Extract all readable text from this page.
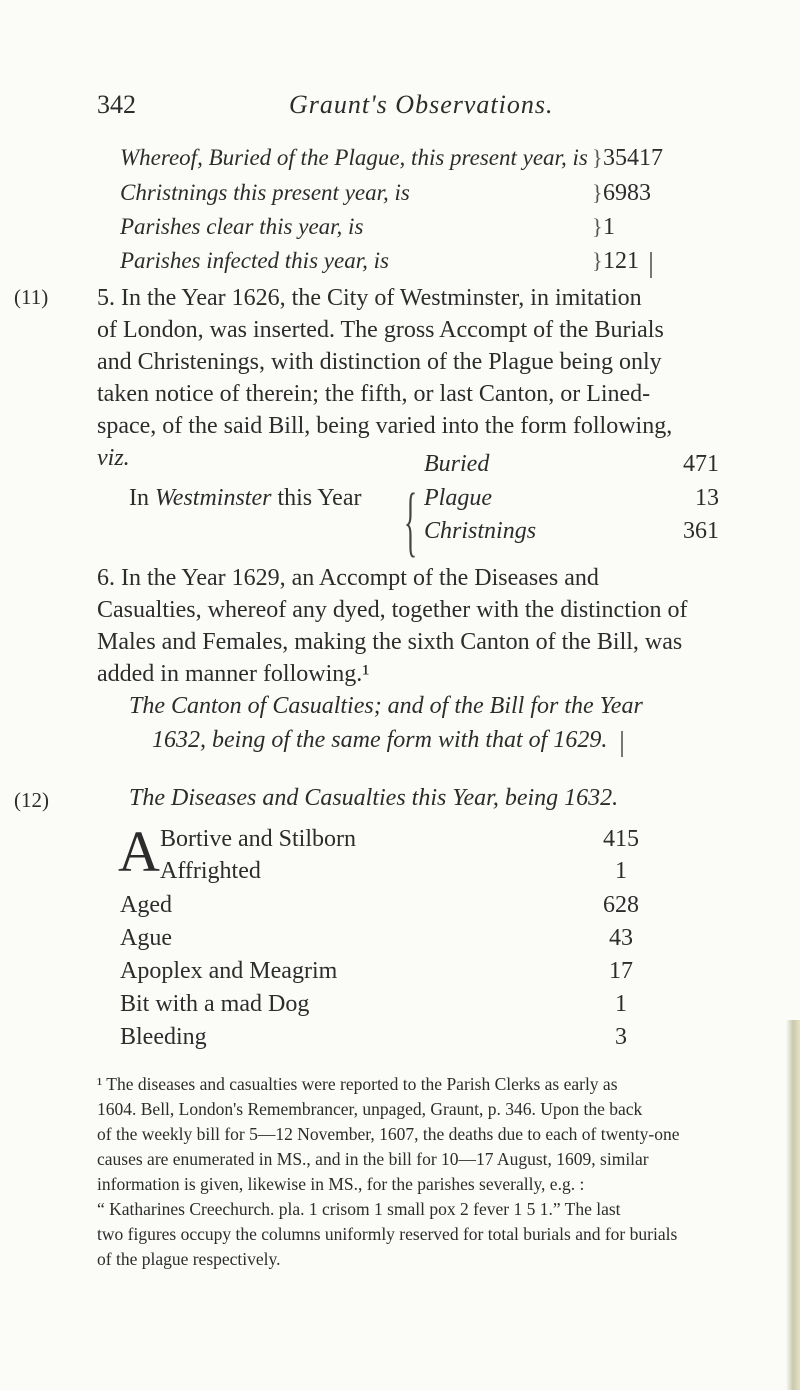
342	Graunt's Observations.
Whereof, Buried of the Plague, this present year, is
Christnings this present year, is
Parishes clear this year, is
Parishes infected this year, is
}
}
}
}
35417
6983
1
121
(11) 5. In the Year 1626, the City of Westminster, in imitation
of London, was inserted. The gross Accompt of the Burials
and Christenings, with distinction of the Plague being only
taken notice of therein; the fifth, or last Canton, or Lined-
space, of the said Bill, being varied into the form following,
viz.
In Westminster this Year {
Buried
Plague
Christnings
471
13
361
6. In the Year 1629, an Accompt of the Diseases and
Casualties, whereof any dyed, together with the distinction of
Males and Females, making the sixth Canton of the Bill, was
added in manner following.¹
The Canton of Casualties; and of the Bill for the Year
1632, being of the same form with that of 1629.
(12)	The Diseases and Casualties this Year, being 1632.
A Bortive and Stilborn
Affrighted
Aged
Ague
Apoplex and Meagrim
Bit with a mad Dog
Bleeding
415
1
628
43
17
1
3
¹ The diseases and casualties were reported to the Parish Clerks as early as
1604. Bell, London's Remembrancer, unpaged, Graunt, p. 346. Upon the back
of the weekly bill for 5—12 November, 1607, the deaths due to each of twenty-one
causes are enumerated in MS., and in the bill for 10—17 August, 1609, similar
information is given, likewise in MS., for the parishes severally, e.g. :
“ Katharines Creechurch. pla. 1 crisom 1 small pox 2 fever 1 5 1.” The last
two figures occupy the columns uniformly reserved for total burials and for burials
of the plague respectively.
